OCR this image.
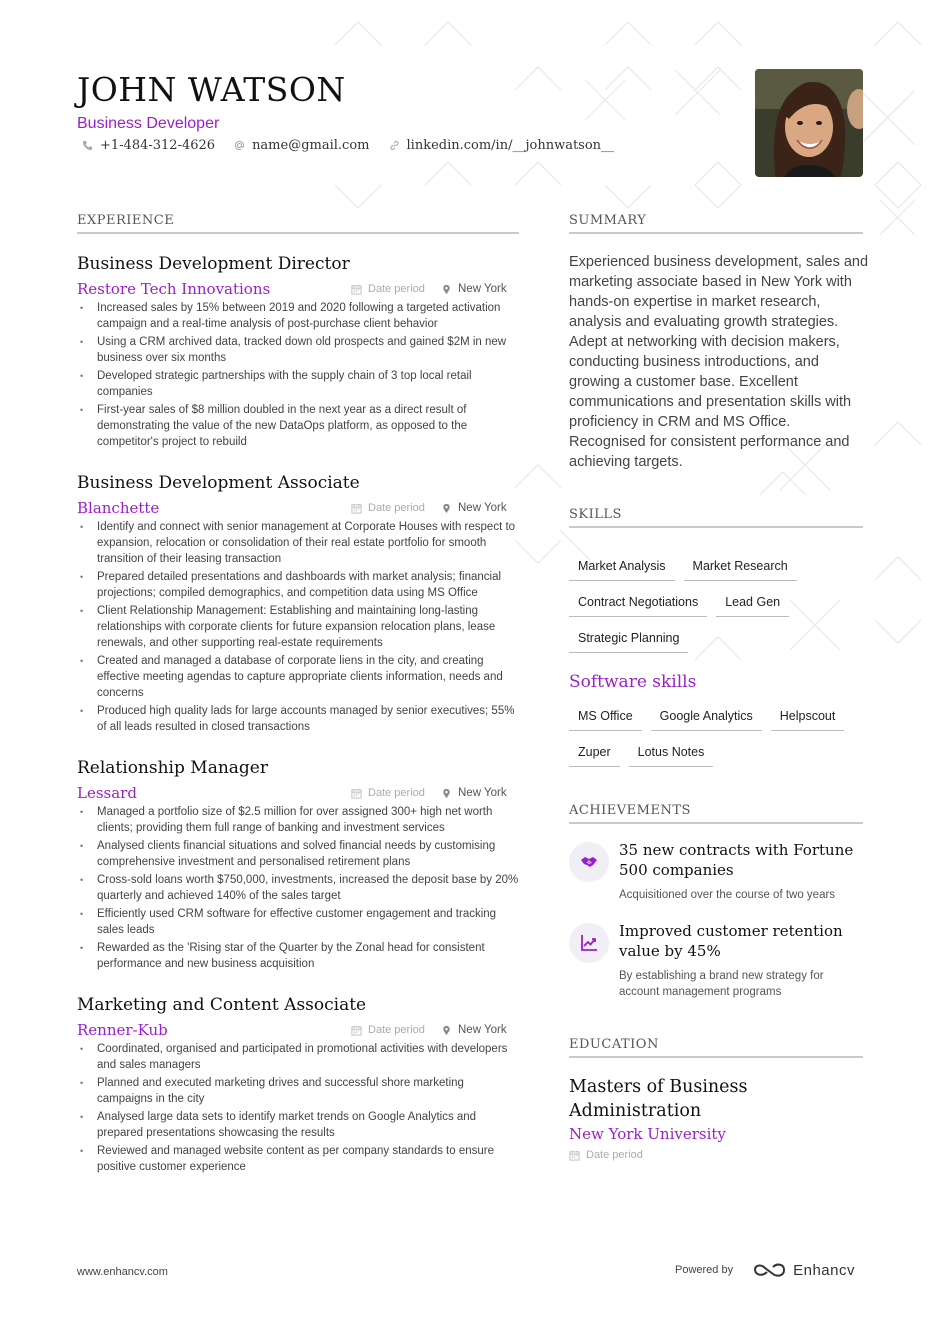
JOHN WATSON
Business Developer
+1-484-312-4626	name@gmail.com	linkedin.com/in/__johnwatson__
EXPERIENCE
Business Development Director
Restore Tech Innovations	Date period	New York
• Increased sales by 15% between 2019 and 2020 following a targeted activation campaign and a real-time analysis of post-purchase client behavior
• Using a CRM archived data, tracked down old prospects and gained $2M in new business over six months
• Developed strategic partnerships with the supply chain of 3 top local retail companies
• First-year sales of $8 million doubled in the next year as a direct result of demonstrating the value of the new DataOps platform, as opposed to the competitor's project to rebuild
Business Development Associate
Blanchette	Date period	New York
• Identify and connect with senior management at Corporate Houses with respect to expansion, relocation or consolidation of their real estate portfolio for smooth transition of their leasing transaction
• Prepared detailed presentations and dashboards with market analysis; financial projections; compiled demographics, and competition data using MS Office
• Client Relationship Management: Establishing and maintaining long-lasting relationships with corporate clients for future expansion relocation plans, lease renewals, and other supporting real-estate requirements
• Created and managed a database of corporate liens in the city, and creating effective meeting agendas to capture appropriate clients information, needs and concerns
• Produced high quality lads for large accounts managed by senior executives; 55% of all leads resulted in closed transactions
Relationship Manager
Lessard	Date period	New York
• Managed a portfolio size of $2.5 million for over assigned 300+ high net worth clients; providing them full range of banking and investment services
• Analysed clients financial situations and solved financial needs by customising comprehensive investment and personalised retirement plans
• Cross-sold loans worth $750,000, investments, increased the deposit base by 20% quarterly and achieved 140% of the sales target
• Efficiently used CRM software for effective customer engagement and tracking sales leads
• Rewarded as the 'Rising star of the Quarter by the Zonal head for consistent performance and new business acquisition
Marketing and Content Associate
Renner-Kub	Date period	New York
• Coordinated, organised and participated in promotional activities with developers and sales managers
• Planned and executed marketing drives and successful shore marketing campaigns in the city
• Analysed large data sets to identify market trends on Google Analytics and prepared presentations showcasing the results
• Reviewed and managed website content as per company standards to ensure positive customer experience
SUMMARY
Experienced business development, sales and marketing associate based in New York with hands-on expertise in market research, analysis and evaluating growth strategies. Adept at networking with decision makers, conducting business introductions, and growing a customer base. Excellent communications and presentation skills with proficiency in CRM and MS Office. Recognised for consistent performance and achieving targets.
SKILLS
Market Analysis	Market Research
Contract Negotiations	Lead Gen
Strategic Planning
Software skills
MS Office	Google Analytics	Helpscout
Zuper	Lotus Notes
ACHIEVEMENTS
35 new contracts with Fortune 500 companies
Acquisitioned over the course of two years
Improved customer retention value by 45%
By establishing a brand new strategy for account management programs
EDUCATION
Masters of Business Administration
New York University
Date period
www.enhancv.com	Powered by	Enhancv
